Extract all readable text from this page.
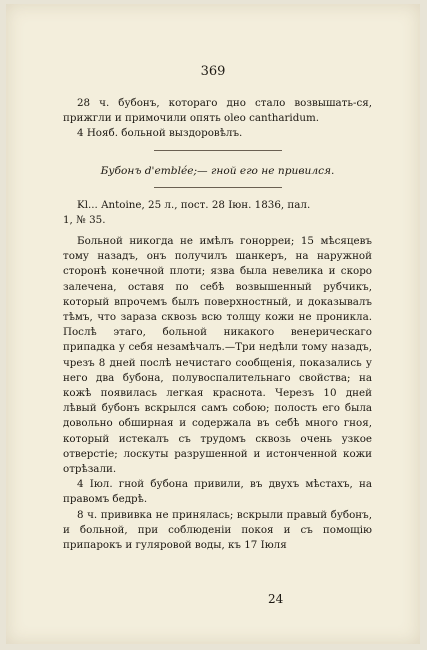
369

28 ч. бубонъ, которaго дно стало возвышать-ся, прижгли и примочили опять oleo cantharidum.

4 Нояб. больной выздоровѣлъ.

Бубонъ d'emblée;— гной его не привился.

Kl... Antoine, 25 л., пост. 28 Іюн. 1836, пал.

1, № 35.

Больной никогда не имѣлъ гонорреи; 15 мѣсяцевъ тому назадъ, онъ получилъ шанкеръ, на наружной сторонѣ конечной плоти; язва была невелика и скоро залечена, оставя по себѣ возвышенный рубчикъ, который впрочемъ былъ поверхностный, и доказывалъ тѣмъ, что зараза сквозь всю толщу кожи не проникла. Послѣ этаго, больной никакого венерическаго припадка у себя незамѣчалъ.—Три недѣли тому назадъ, чрезъ 8 дней послѣ нечистаго сообщенія, показались у него два бубона, полувоспалительнаго свойства; на кожѣ появилась легкая краснота. Черезъ 10 дней лѣвый бубонъ вскрылся самъ собою; полость его была довольно обширная и содержала въ себѣ много гноя, который истекалъ съ трудомъ сквозь очень узкое отверстіе; лоскуты разрушенной и истонченной кожи отрѣзали.

4 Іюл. гной бубона привили, въ двухъ мѣстахъ, на правомъ бедрѣ.

8 ч. прививка не принялась; вскрыли правый бубонъ, и больной, при соблюденіи покоя и съ помощію припарокъ и гуляровой воды, къ 17 Іюля

24
